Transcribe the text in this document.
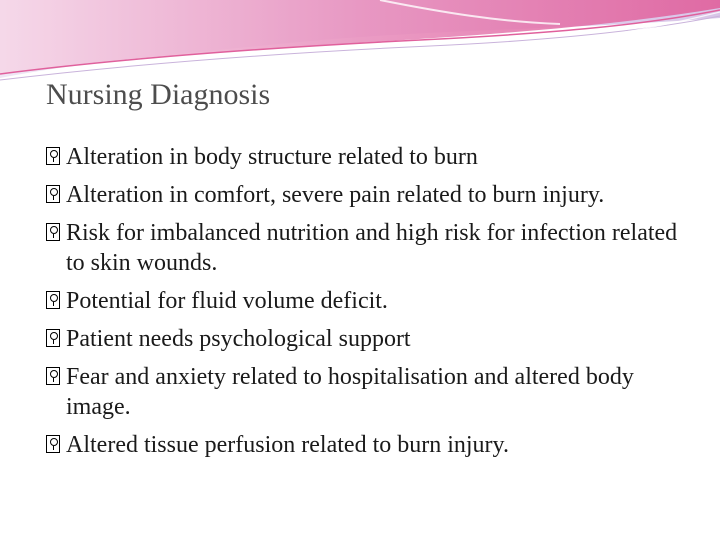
Nursing Diagnosis
Alteration in body structure related to burn
Alteration in comfort, severe pain related to burn injury.
Risk for imbalanced nutrition and high risk for infection related to skin wounds.
Potential for fluid volume deficit.
Patient needs psychological support
Fear and anxiety related to hospitalisation and altered body image.
Altered tissue perfusion related to burn injury.
